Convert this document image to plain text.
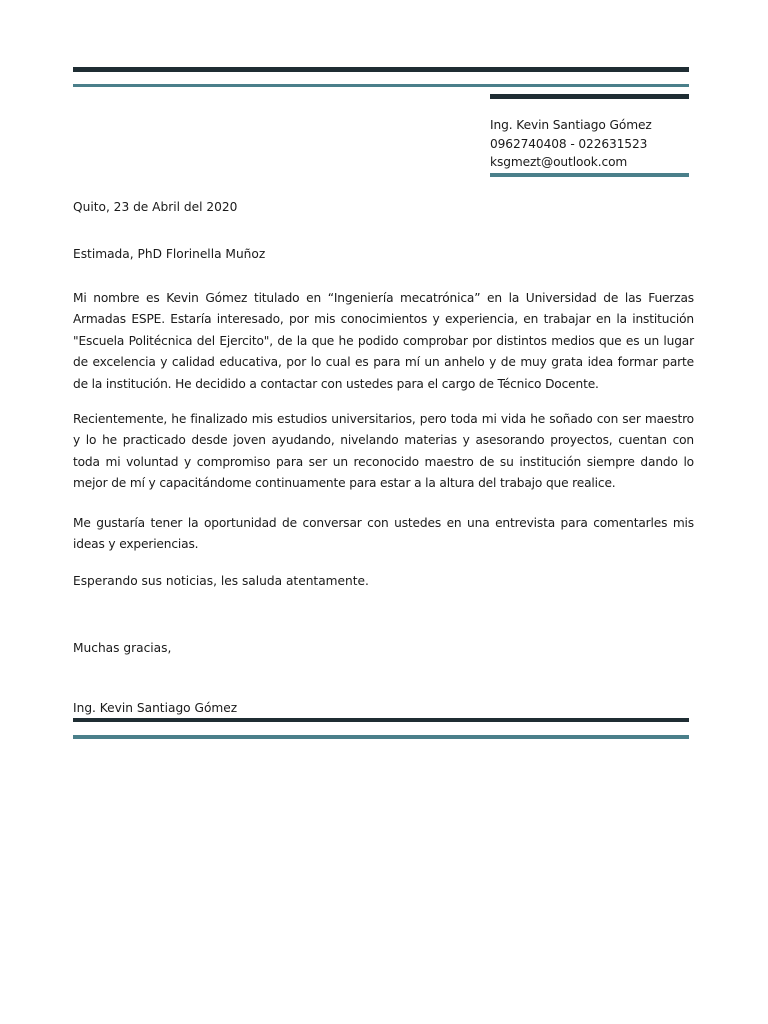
Ing. Kevin Santiago Gómez
0962740408 - 022631523
ksgmezt@outlook.com
Quito, 23 de Abril del 2020
Estimada, PhD Florinella Muñoz

Mi nombre es Kevin Gómez titulado en “Ingeniería mecatrónica” en la Universidad de las Fuerzas Armadas ESPE. Estaría interesado, por mis conocimientos y experiencia, en trabajar en la institución "Escuela Politécnica del Ejercito", de la que he podido comprobar por distintos medios que es un lugar de excelencia y calidad educativa, por lo cual es para mí un anhelo y de muy grata idea formar parte de la institución. He decidido a contactar con ustedes para el cargo de Técnico Docente.

Recientemente, he finalizado mis estudios universitarios, pero toda mi vida he soñado con ser maestro y lo he practicado desde joven ayudando, nivelando materias y asesorando proyectos, cuentan con toda mi voluntad y compromiso para ser un reconocido maestro de su institución siempre dando lo mejor de mí y capacitándome continuamente para estar a la altura del trabajo que realice.

Me gustaría tener la oportunidad de conversar con ustedes en una entrevista para comentarles mis ideas y experiencias.

Esperando sus noticias, les saluda atentamente.
Muchas gracias,
Ing. Kevin Santiago Gómez
